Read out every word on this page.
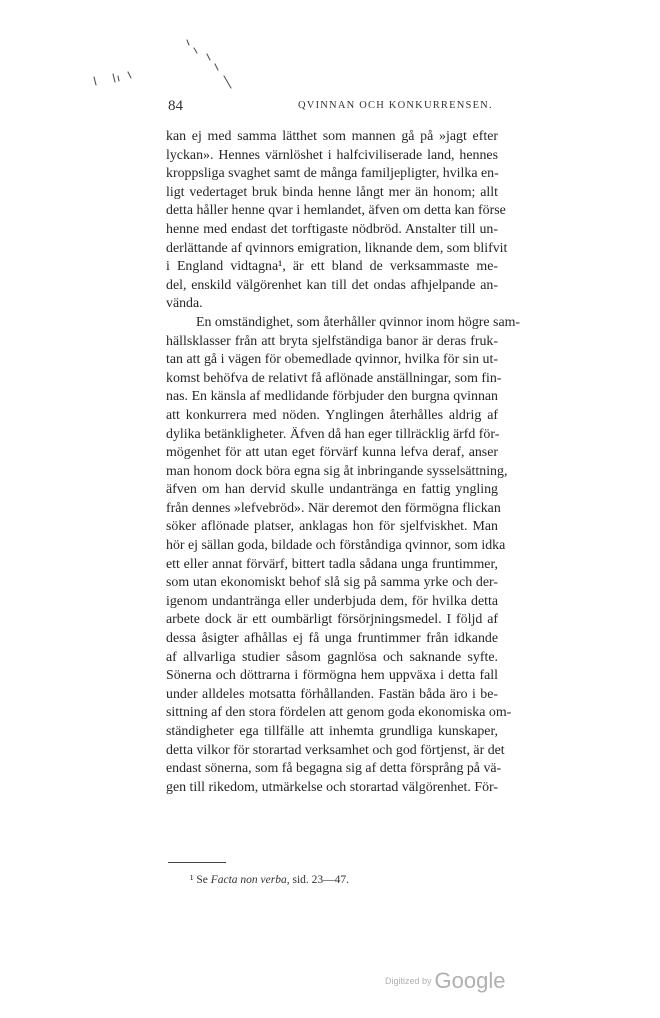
84	QVINNAN OCH KONKURRENSEN.

kan ej med samma lätthet som mannen gå på »jagt efter

lyckan». Hennes värnlöshet i halfciviliserade land, hennes

kroppsliga svaghet samt de många familjepligter, hvilka en-

ligt vedertaget bruk binda henne långt mer än honom; allt

detta håller henne qvar i hemlandet, äfven om detta kan förse

henne med endast det torftigaste nödbröd. Anstalter till un-

derlättande af qvinnors emigration, liknande dem, som blifvit

i England vidtagna¹, är ett bland de verksammaste me-

del, enskild välgörenhet kan till det ondas afhjelpande an-

vända.

En omständighet, som återhåller qvinnor inom högre sam-

hällsklasser från att bryta sjelfständiga banor är deras fruk-

tan att gå i vägen för obemedlade qvinnor, hvilka för sin ut-

komst behöfva de relativt få aflönade anställningar, som fin-

nas. En känsla af medlidande förbjuder den burgna qvinnan

att konkurrera med nöden. Ynglingen återhålles aldrig af

dylika betänkligheter. Äfven då han eger tillräcklig ärfd för-

mögenhet för att utan eget förvärf kunna lefva deraf, anser

man honom dock böra egna sig åt inbringande sysselsättning,

äfven om han dervid skulle undantränga en fattig yngling

från dennes »lefvebröd». När deremot den förmögna flickan

söker aflönade platser, anklagas hon för sjelfviskhet. Man

hör ej sällan goda, bildade och förståndiga qvinnor, som idka

ett eller annat förvärf, bittert tadla sådana unga fruntimmer,

som utan ekonomiskt behof slå sig på samma yrke och der-

igenom undantränga eller underbjuda dem, för hvilka detta

arbete dock är ett oumbärligt försörjningsmedel. I följd af

dessa åsigter afhållas ej få unga fruntimmer från idkande

af allvarliga studier såsom gagnlösa och saknande syfte.

Sönerna och döttrarna i förmögna hem uppväxa i detta fall

under alldeles motsatta förhållanden. Fastän båda äro i be-

sittning af den stora fördelen att genom goda ekonomiska om-

ständigheter ega tillfälle att inhemta grundliga kunskaper,

detta vilkor för storartad verksamhet och god förtjenst, är det

endast sönerna, som få begagna sig af detta försprång på vä-

gen till rikedom, utmärkelse och storartad välgörenhet. För-

¹ Se Facta non verba, sid. 23—47.
Digitized by Google
